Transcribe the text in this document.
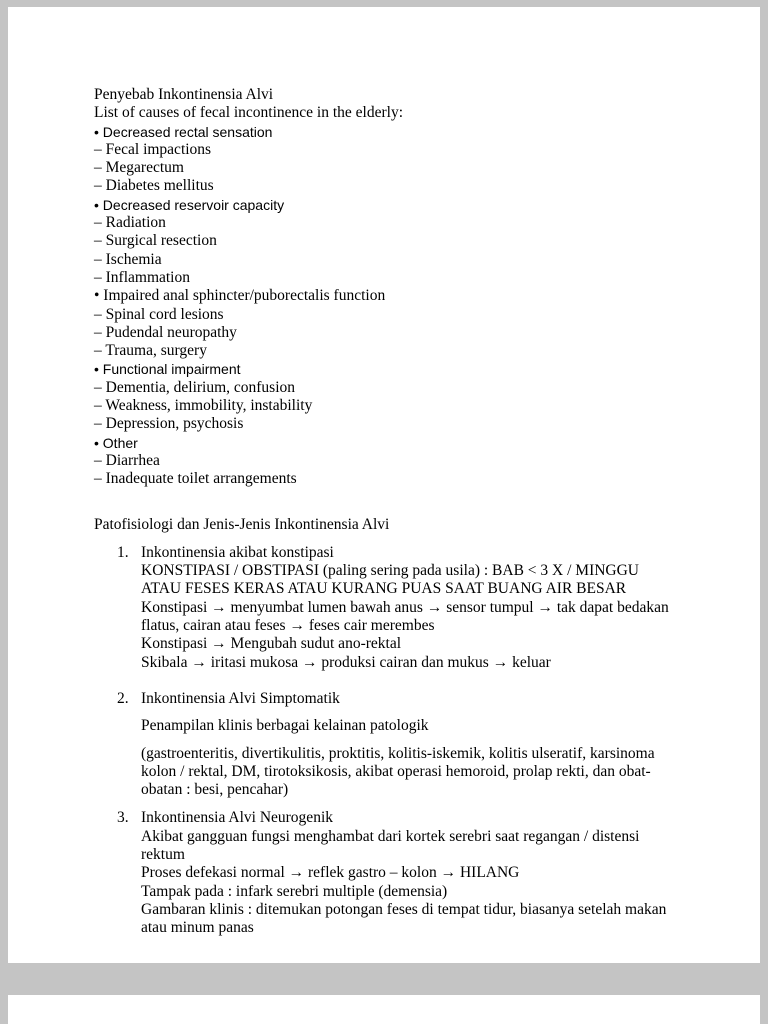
Penyebab Inkontinensia Alvi

List of causes of fecal incontinence in the elderly:

• Decreased rectal sensation

– Fecal impactions

– Megarectum

– Diabetes mellitus

• Decreased reservoir capacity

– Radiation

– Surgical resection

– Ischemia

– Inflammation

• Impaired anal sphincter/puborectalis function

– Spinal cord lesions

– Pudendal neuropathy

– Trauma, surgery

• Functional impairment

– Dementia, delirium, confusion

– Weakness, immobility, instability

– Depression, psychosis

• Other

– Diarrhea

– Inadequate toilet arrangements

Patofisiologi dan Jenis-Jenis Inkontinensia Alvi

1. Inkontinensia akibat konstipasi

KONSTIPASI / OBSTIPASI (paling sering pada usila) : BAB < 3 X / MINGGU ATAU FESES KERAS ATAU KURANG PUAS SAAT BUANG AIR BESAR

Konstipasi → menyumbat lumen bawah anus → sensor tumpul → tak dapat bedakan flatus, cairan atau feses → feses cair merembes

Konstipasi → Mengubah sudut ano-rektal

Skibala → iritasi mukosa → produksi cairan dan mukus → keluar

2. Inkontinensia Alvi Simptomatik

Penampilan klinis berbagai kelainan patologik

(gastroenteritis, divertikulitis, proktitis, kolitis-iskemik, kolitis ulseratif, karsinoma kolon / rektal, DM, tirotoksikosis, akibat operasi hemoroid, prolap rekti, dan obat-obatan : besi, pencahar)

3. Inkontinensia Alvi Neurogenik

Akibat gangguan fungsi menghambat dari kortek serebri saat regangan / distensi rektum

Proses defekasi normal → reflek gastro – kolon → HILANG

Tampak pada : infark serebri multiple (demensia)

Gambaran klinis : ditemukan potongan feses di tempat tidur, biasanya setelah makan atau minum panas
